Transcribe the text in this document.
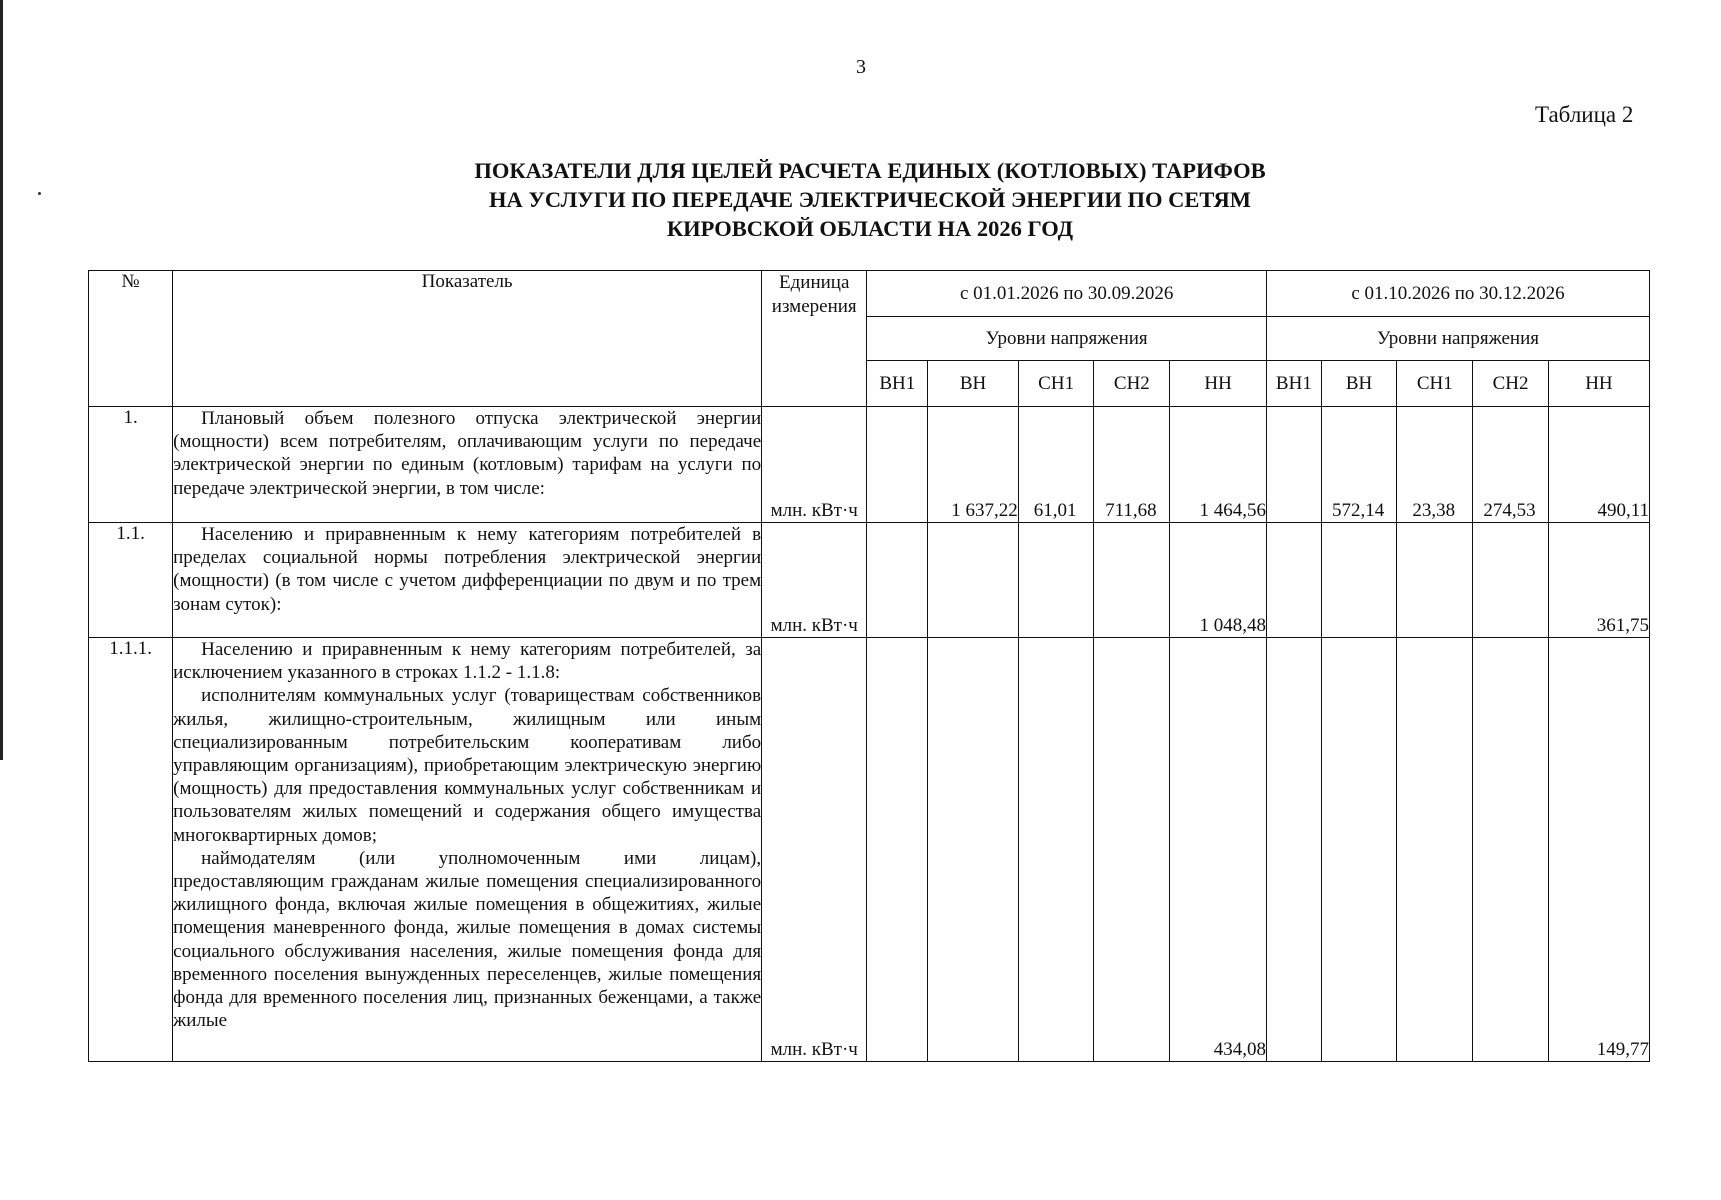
3
Таблица 2
ПОКАЗАТЕЛИ ДЛЯ ЦЕЛЕЙ РАСЧЕТА ЕДИНЫХ (КОТЛОВЫХ) ТАРИФОВ
НА УСЛУГИ ПО ПЕРЕДАЧЕ ЭЛЕКТРИЧЕСКОЙ ЭНЕРГИИ ПО СЕТЯМ
КИРОВСКОЙ ОБЛАСТИ НА 2026 ГОД
№	Показатель	Единица измерения	с 01.01.2026 по 30.09.2026					с 01.10.2026 по 30.12.2026				
			Уровни напряжения					Уровни напряжения				
			ВН1	ВН	СН1	СН2	НН	ВН1	ВН	СН1	СН2	НН
1.	Плановый объем полезного отпуска электрической энергии (мощности) всем потребителям, оплачивающим услуги по передаче электрической энергии по единым (котловым) тарифам на услуги по передаче электрической энергии, в том числе:	млн. кВт·ч		1 637,22	61,01	711,68	1 464,56		572,14	23,38	274,53	490,11
1.1.	Населению и приравненным к нему категориям потребителей в пределах социальной нормы потребления электрической энергии (мощности) (в том числе с учетом дифференциации по двум и по трем зонам суток):	млн. кВт·ч					1 048,48					361,75
1.1.1.	Населению и приравненным к нему категориям потребителей, за исключением указанного в строках 1.1.2 - 1.1.8:

исполнителям коммунальных услуг (товариществам собственников жилья, жилищно-строительным, жилищным или иным специализированным потребительским кооперативам либо управляющим организациям), приобретающим электрическую энергию (мощность) для предоставления коммунальных услуг собственникам и пользователям жилых помещений и содержания общего имущества многоквартирных домов;

наймодателям (или уполномоченным ими лицам), предоставляющим гражданам жилые помещения специализированного жилищного фонда, включая жилые помещения в общежитиях, жилые помещения маневренного фонда, жилые помещения в домах системы социального обслуживания населения, жилые помещения фонда для временного поселения вынужденных переселенцев, жилые помещения фонда для временного поселения лиц, признанных беженцами, а также жилые	млн. кВт·ч					434,08					149,77
